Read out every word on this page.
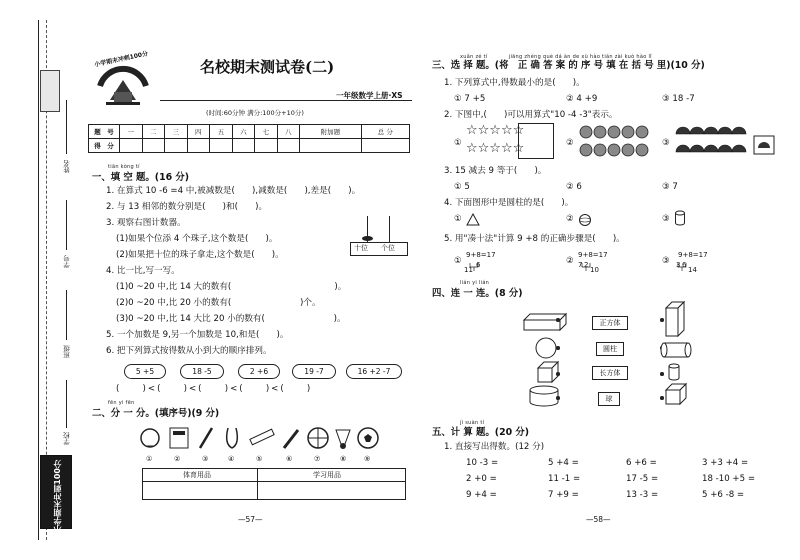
小学期末冲刺100分
姓名
学号
班级
学校
小学期末冲刺100分	名校期末测试卷(二)
一年级数学上册·XS
(时间:60分钟 满分:100分+10分)
题　号	一	二	三	四	五	六	七	八	附加题	总 分
得　分										
tiān kòng tí
一、填 空 题。(16 分)
1. 在算式 10 -6 =4 中,被减数是(　　),减数是(　　),差是(　　)。
2. 与 13 相邻的数分别是(　　)和(　　)。
3. 观察右图计数器。
(1)如果个位添 4 个珠子,这个数是(　　)。
(2)如果把十位的珠子拿走,这个数是(　　)。
十位 个位
4. 比一比,写一写。
(1)0 ~20 中,比 14 大的数有(　　　　　　　　　　　　)。
(2)0 ~20 中,比 20 小的数有(　　　　　　　　)个。
(3)0 ~20 中,比 14 大比 20 小的数有(　　　　　　　　)。
5. 一个加数是 9,另一个加数是 10,和是(　　)。
6. 把下列算式按得数从小到大的顺序排列。
5 +5	18 -5	2 +6	19 -7	16 +2 -7
(　　)<(　　)<(　　)<(　　)<(　　)
fēn yi fēn
二、分 一 分。(填序号)(9 分)
①	②	③	④	⑤	⑥	⑦	⑧	⑨
体育用品	学习用品
—57—
xuǎn zé tí　　　　jiāng zhèng què dá àn de xù hào tián zài kuò hào lǐ
三、选 择 题。(将　正 确 答 案 的 序 号 填 在 括 号 里)(10 分)
1. 下列算式中,得数最小的是(　　)。
① 7 +5	② 4 +9	③ 18 -7
2. 下图中,(　　)可以用算式"10 -4 -3"表示。
①
☆☆☆☆☆
☆☆☆☆☆	②	③
3. 15 减去 9 等于(　　)。
① 5	② 6	③ 7
4. 下面图形中是圆柱的是(　　)。
①	②	③
5. 用"凑十法"计算 9 +8 的正确步骤是(　　)。
①
9+8=17
11
6	②
9+8=17
7 2
10
③
9+8=17
3 6
14
lián yi lián
四、连 一 连。(8 分)
正方体
圆柱
长方体
球
jì suàn tí
五、计 算 题。(20 分)
1. 直接写出得数。(12 分)
10 -3 =	5 +4 =	6 +6 =	3 +3 +4 =
2 +0 =	11 -1 =	17 -5 =	18 -10 +5 =
9 +4 =	7 +9 =	13 -3 =	5 +6 -8 =
—58—
